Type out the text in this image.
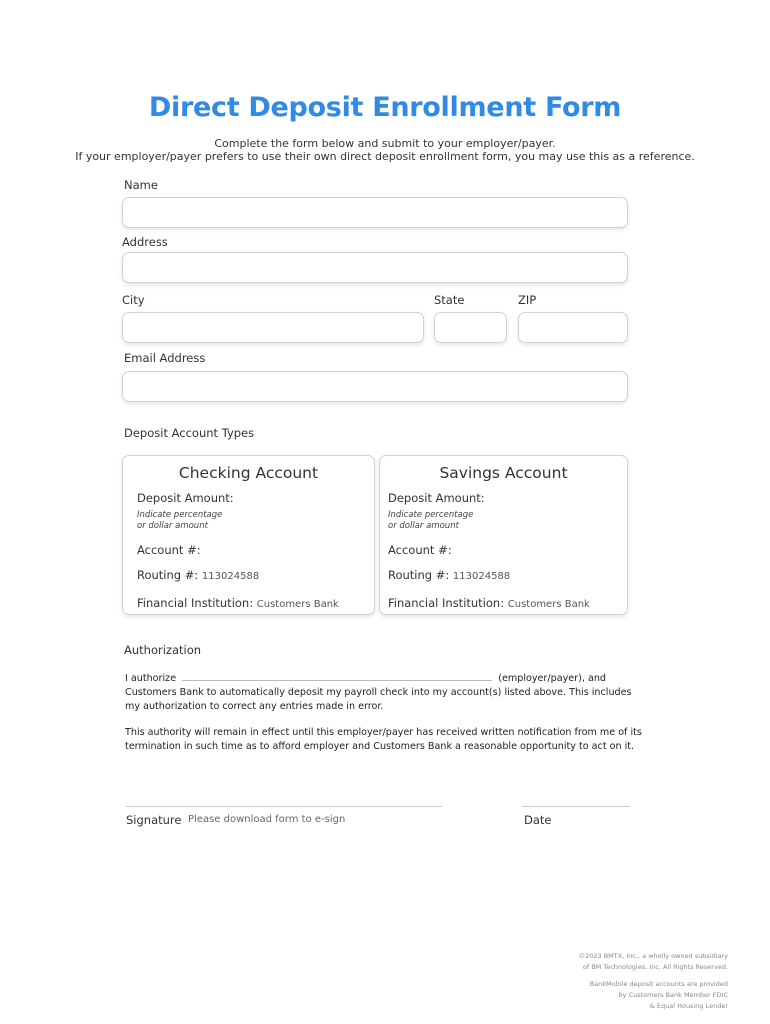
Direct Deposit Enrollment Form
Complete the form below and submit to your employer/payer.
If your employer/payer prefers to use their own direct deposit enrollment form, you may use this as a reference.
Name
Address
City	State	ZIP
Email Address
Deposit Account Types
Checking Account
Deposit Amount:
Indicate percentage
or dollar amount
Account #:
Routing #: 113024588
Financial Institution: Customers Bank
Savings Account
Deposit Amount:
Indicate percentage
or dollar amount
Account #:
Routing #: 113024588
Financial Institution: Customers Bank
Authorization
I authorize	(employer/payer), and
Customers Bank to automatically deposit my payroll check into my account(s) listed above. This includes my authorization to correct any entries made in error.
This authority will remain in effect until this employer/payer has received written notification from me of its termination in such time as to afford employer and Customers Bank a reasonable opportunity to act on it.
Signature Please download form to e-sign	Date
©2023 BMTX, Inc., a wholly owned subsidiary
of BM Technologies, Inc. All Rights Reserved.
BankMobile deposit accounts are provided
by Customers Bank Member FDIC
& Equal Housing Lender
